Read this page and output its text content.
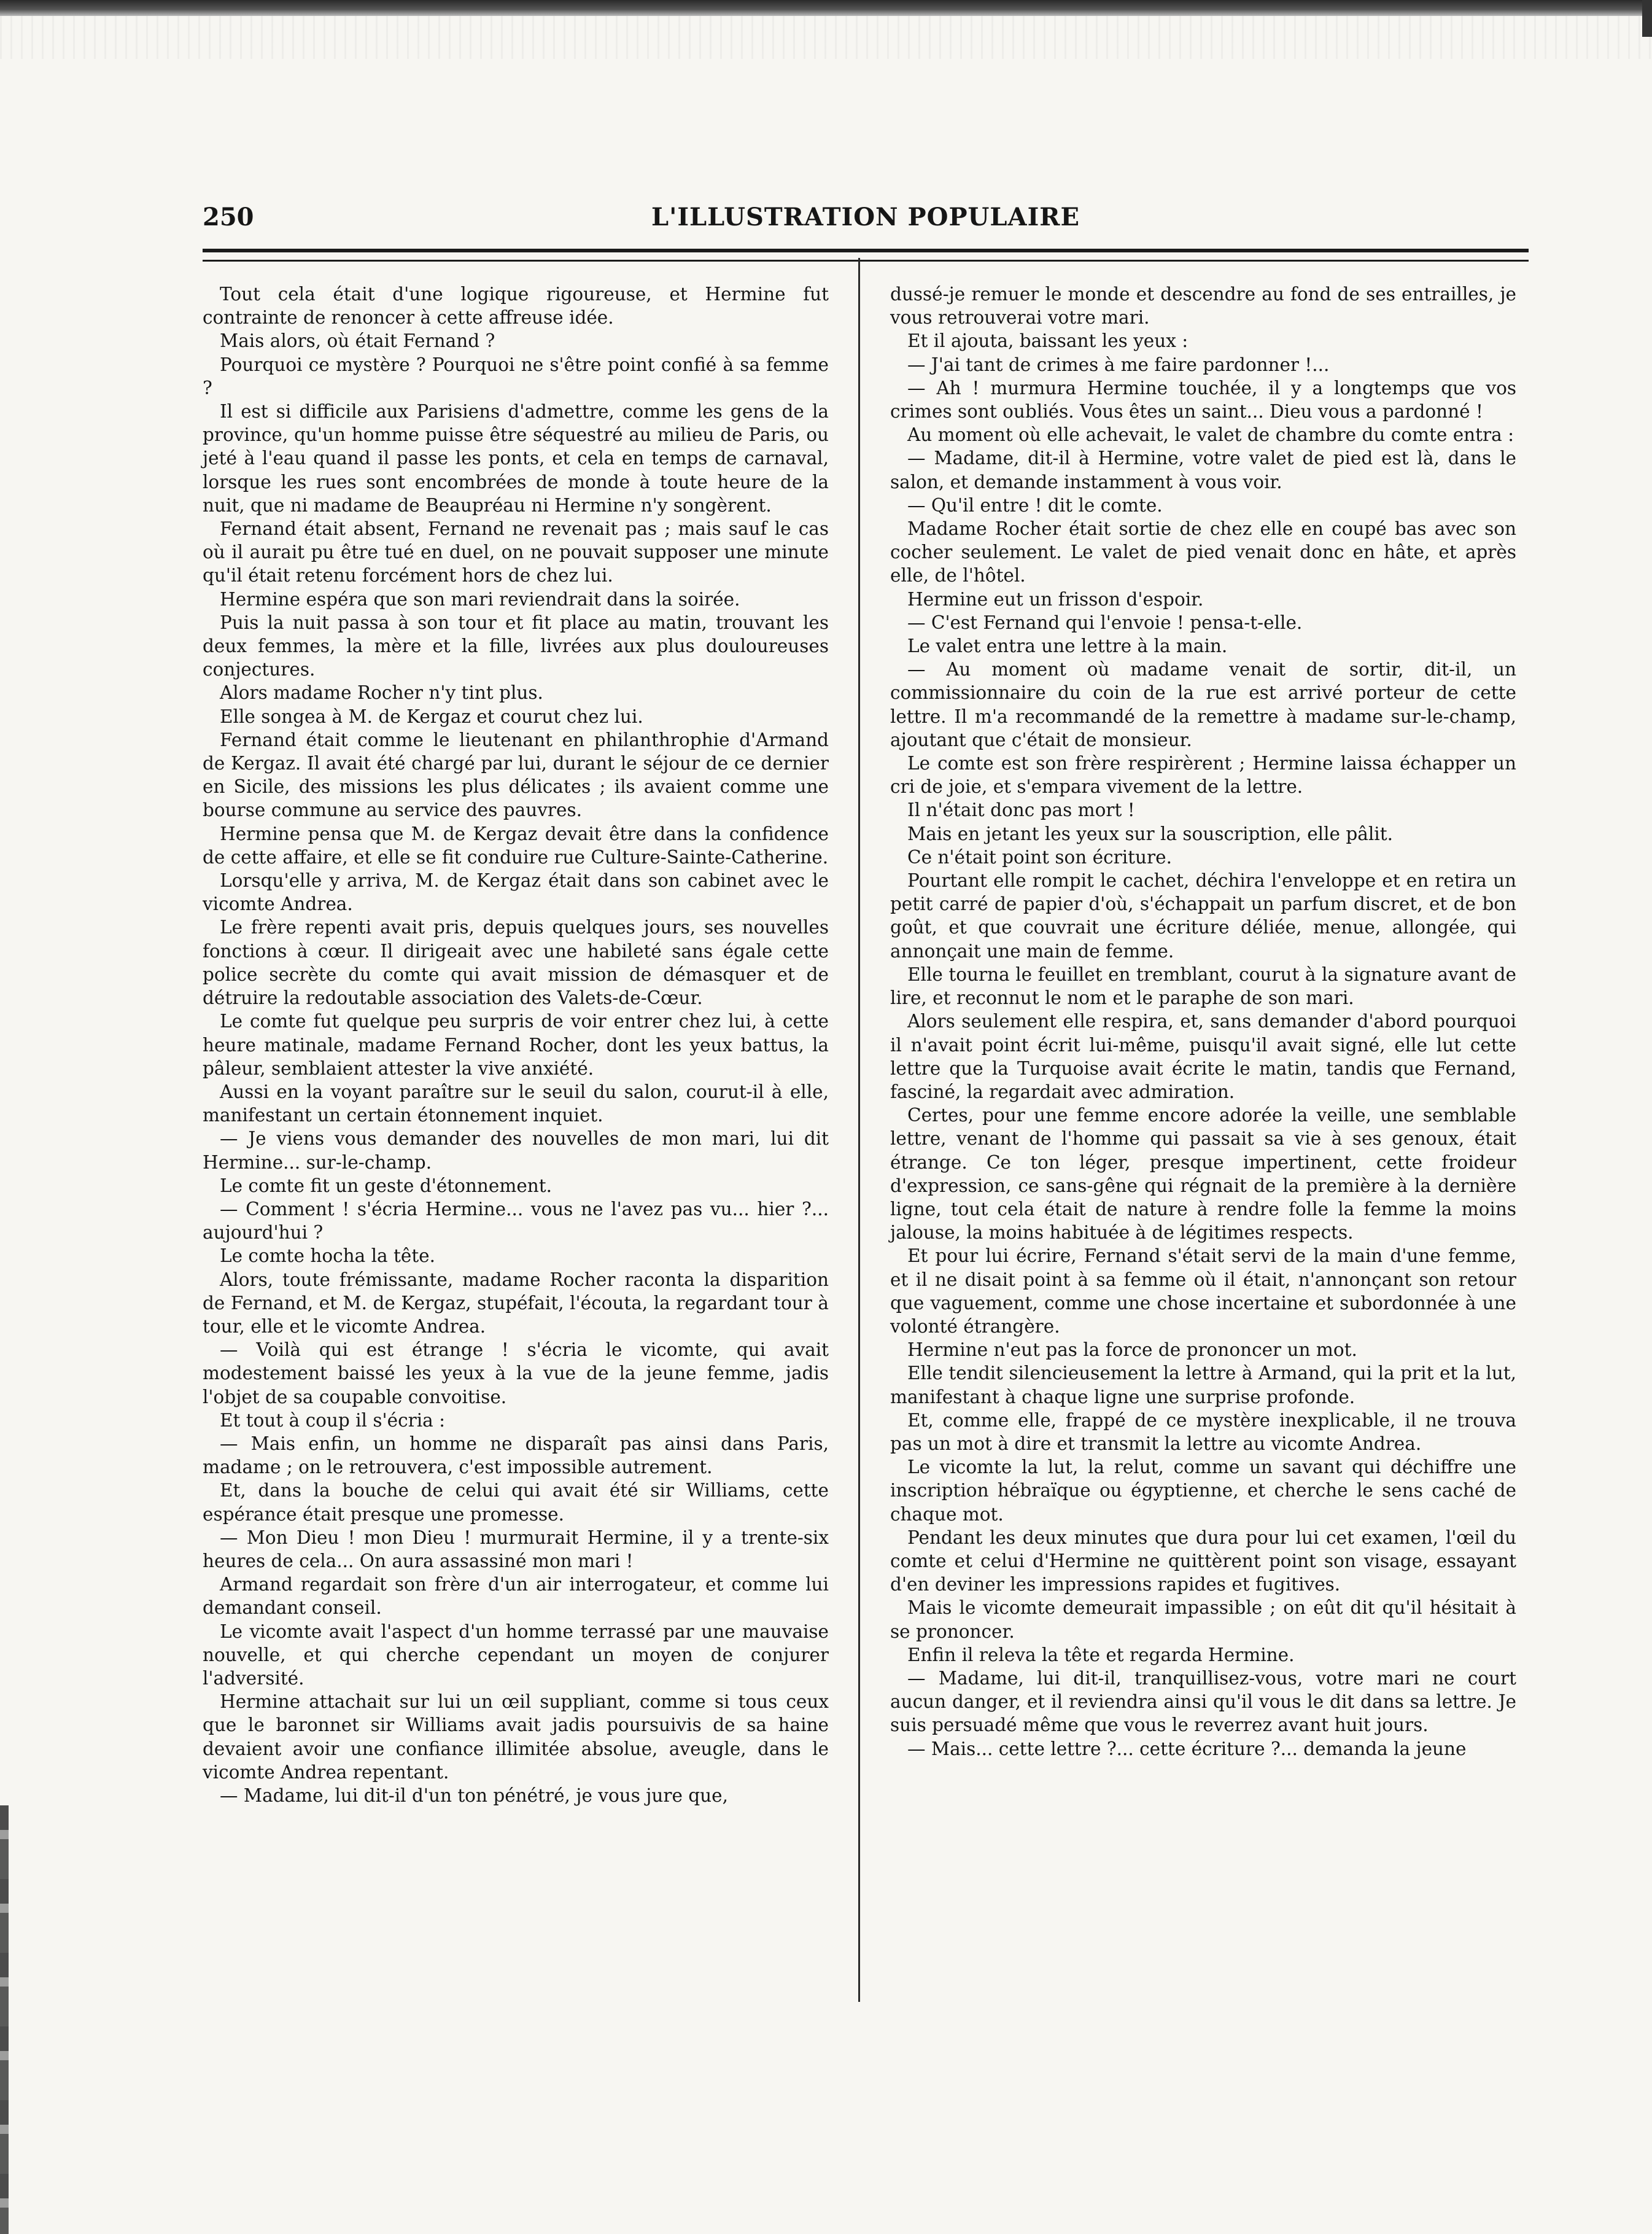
250	L'ILLUSTRATION POPULAIRE

Tout cela était d'une logique rigoureuse, et Hermine fut contrainte de renoncer à cette affreuse idée.

Mais alors, où était Fernand ?

Pourquoi ce mystère ? Pourquoi ne s'être point confié à sa femme ?

Il est si difficile aux Parisiens d'admettre, comme les gens de la province, qu'un homme puisse être séquestré au milieu de Paris, ou jeté à l'eau quand il passe les ponts, et cela en temps de carnaval, lorsque les rues sont encombrées de monde à toute heure de la nuit, que ni madame de Beaupréau ni Hermine n'y songèrent.

Fernand était absent, Fernand ne revenait pas ; mais sauf le cas où il aurait pu être tué en duel, on ne pouvait supposer une minute qu'il était retenu forcément hors de chez lui.

Hermine espéra que son mari reviendrait dans la soirée.

Puis la nuit passa à son tour et fit place au matin, trouvant les deux femmes, la mère et la fille, livrées aux plus douloureuses conjectures.

Alors madame Rocher n'y tint plus.

Elle songea à M. de Kergaz et courut chez lui.

Fernand était comme le lieutenant en philanthrophie d'Armand de Kergaz. Il avait été chargé par lui, durant le séjour de ce dernier en Sicile, des missions les plus délicates ; ils avaient comme une bourse commune au service des pauvres.

Hermine pensa que M. de Kergaz devait être dans la confidence de cette affaire, et elle se fit conduire rue Culture-Sainte-Catherine.

Lorsqu'elle y arriva, M. de Kergaz était dans son cabinet avec le vicomte Andrea.

Le frère repenti avait pris, depuis quelques jours, ses nouvelles fonctions à cœur. Il dirigeait avec une habileté sans égale cette police secrète du comte qui avait mission de démasquer et de détruire la redoutable association des Valets-de-Cœur.

Le comte fut quelque peu surpris de voir entrer chez lui, à cette heure matinale, madame Fernand Rocher, dont les yeux battus, la pâleur, semblaient attester la vive anxiété.

Aussi en la voyant paraître sur le seuil du salon, courut-il à elle, manifestant un certain étonnement inquiet.

— Je viens vous demander des nouvelles de mon mari, lui dit Hermine... sur-le-champ.

Le comte fit un geste d'étonnement.

— Comment ! s'écria Hermine... vous ne l'avez pas vu... hier ?... aujourd'hui ?

Le comte hocha la tête.

Alors, toute frémissante, madame Rocher raconta la disparition de Fernand, et M. de Kergaz, stupéfait, l'écouta, la regardant tour à tour, elle et le vicomte Andrea.

— Voilà qui est étrange ! s'écria le vicomte, qui avait modestement baissé les yeux à la vue de la jeune femme, jadis l'objet de sa coupable convoitise.

Et tout à coup il s'écria :

— Mais enfin, un homme ne disparaît pas ainsi dans Paris, madame ; on le retrouvera, c'est impossible autrement.

Et, dans la bouche de celui qui avait été sir Williams, cette espérance était presque une promesse.

— Mon Dieu ! mon Dieu ! murmurait Hermine, il y a trente-six heures de cela... On aura assassiné mon mari !

Armand regardait son frère d'un air interrogateur, et comme lui demandant conseil.

Le vicomte avait l'aspect d'un homme terrassé par une mauvaise nouvelle, et qui cherche cependant un moyen de conjurer l'adversité.

Hermine attachait sur lui un œil suppliant, comme si tous ceux que le baronnet sir Williams avait jadis poursuivis de sa haine devaient avoir une confiance illimitée absolue, aveugle, dans le vicomte Andrea repentant.

— Madame, lui dit-il d'un ton pénétré, je vous jure que,

dussé-je remuer le monde et descendre au fond de ses entrailles, je vous retrouverai votre mari.

Et il ajouta, baissant les yeux :

— J'ai tant de crimes à me faire pardonner !...

— Ah ! murmura Hermine touchée, il y a longtemps que vos crimes sont oubliés. Vous êtes un saint... Dieu vous a pardonné !

Au moment où elle achevait, le valet de chambre du comte entra :

— Madame, dit-il à Hermine, votre valet de pied est là, dans le salon, et demande instamment à vous voir.

— Qu'il entre ! dit le comte.

Madame Rocher était sortie de chez elle en coupé bas avec son cocher seulement. Le valet de pied venait donc en hâte, et après elle, de l'hôtel.

Hermine eut un frisson d'espoir.

— C'est Fernand qui l'envoie ! pensa-t-elle.

Le valet entra une lettre à la main.

— Au moment où madame venait de sortir, dit-il, un commissionnaire du coin de la rue est arrivé porteur de cette lettre. Il m'a recommandé de la remettre à madame sur-le-champ, ajoutant que c'était de monsieur.

Le comte est son frère respirèrent ; Hermine laissa échapper un cri de joie, et s'empara vivement de la lettre.

Il n'était donc pas mort !

Mais en jetant les yeux sur la souscription, elle pâlit.

Ce n'était point son écriture.

Pourtant elle rompit le cachet, déchira l'enveloppe et en retira un petit carré de papier d'où, s'échappait un parfum discret, et de bon goût, et que couvrait une écriture déliée, menue, allongée, qui annonçait une main de femme.

Elle tourna le feuillet en tremblant, courut à la signature avant de lire, et reconnut le nom et le paraphe de son mari.

Alors seulement elle respira, et, sans demander d'abord pourquoi il n'avait point écrit lui-même, puisqu'il avait signé, elle lut cette lettre que la Turquoise avait écrite le matin, tandis que Fernand, fasciné, la regardait avec admiration.

Certes, pour une femme encore adorée la veille, une semblable lettre, venant de l'homme qui passait sa vie à ses genoux, était étrange. Ce ton léger, presque impertinent, cette froideur d'expression, ce sans-gêne qui régnait de la première à la dernière ligne, tout cela était de nature à rendre folle la femme la moins jalouse, la moins habituée à de légitimes respects.

Et pour lui écrire, Fernand s'était servi de la main d'une femme, et il ne disait point à sa femme où il était, n'annonçant son retour que vaguement, comme une chose incertaine et subordonnée à une volonté étrangère.

Hermine n'eut pas la force de prononcer un mot.

Elle tendit silencieusement la lettre à Armand, qui la prit et la lut, manifestant à chaque ligne une surprise profonde.

Et, comme elle, frappé de ce mystère inexplicable, il ne trouva pas un mot à dire et transmit la lettre au vicomte Andrea.

Le vicomte la lut, la relut, comme un savant qui déchiffre une inscription hébraïque ou égyptienne, et cherche le sens caché de chaque mot.

Pendant les deux minutes que dura pour lui cet examen, l'œil du comte et celui d'Hermine ne quittèrent point son visage, essayant d'en deviner les impressions rapides et fugitives.

Mais le vicomte demeurait impassible ; on eût dit qu'il hésitait à se prononcer.

Enfin il releva la tête et regarda Hermine.

— Madame, lui dit-il, tranquillisez-vous, votre mari ne court aucun danger, et il reviendra ainsi qu'il vous le dit dans sa lettre. Je suis persuadé même que vous le reverrez avant huit jours.

— Mais... cette lettre ?... cette écriture ?... demanda la jeune
